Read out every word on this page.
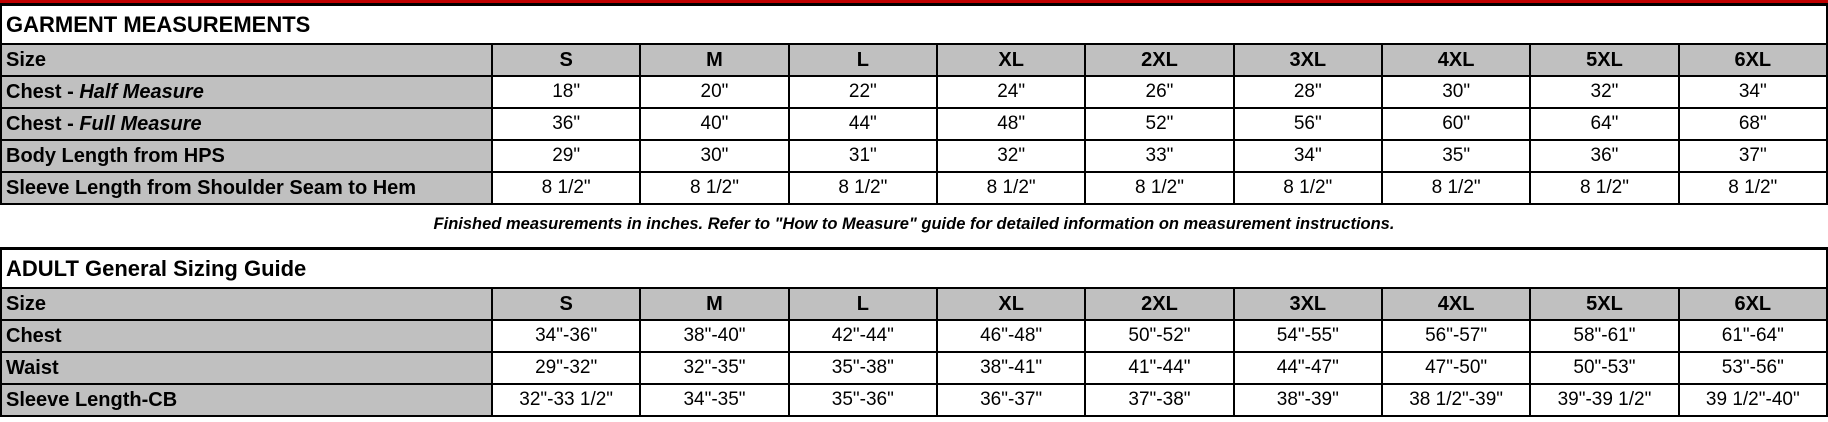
GARMENT MEASUREMENTS									
Size	S	M	L	XL	2XL	3XL	4XL	5XL	6XL
Chest - Half Measure	18"	20"	22"	24"	26"	28"	30"	32"	34"
Chest - Full Measure	36"	40"	44"	48"	52"	56"	60"	64"	68"
Body Length from HPS	29"	30"	31"	32"	33"	34"	35"	36"	37"
Sleeve Length from Shoulder Seam to Hem	8 1/2"	8 1/2"	8 1/2"	8 1/2"	8 1/2"	8 1/2"	8 1/2"	8 1/2"	8 1/2"
Finished measurements in inches. Refer to "How to Measure" guide for detailed information on measurement instructions.
ADULT General Sizing Guide									
Size	S	M	L	XL	2XL	3XL	4XL	5XL	6XL
Chest	34"-36"	38"-40"	42"-44"	46"-48"	50"-52"	54"-55"	56"-57"	58"-61"	61"-64"
Waist	29"-32"	32"-35"	35"-38"	38"-41"	41"-44"	44"-47"	47"-50"	50"-53"	53"-56"
Sleeve Length-CB	32"-33 1/2"	34"-35"	35"-36"	36"-37"	37"-38"	38"-39"	38 1/2"-39"	39"-39 1/2"	39 1/2"-40"
